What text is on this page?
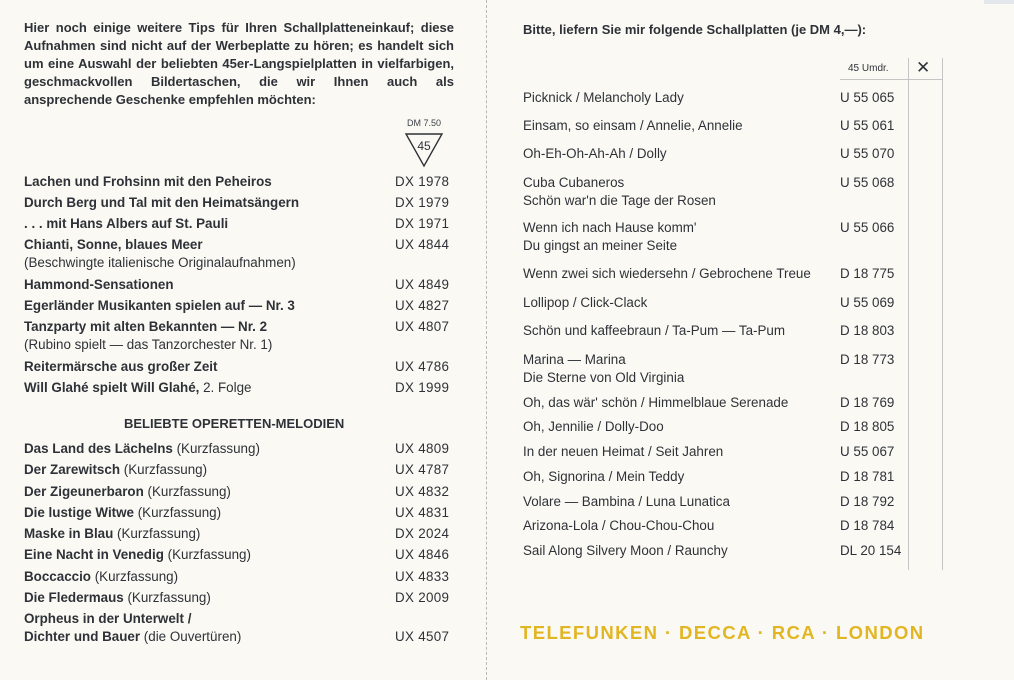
Hier noch einige weitere Tips für Ihren Schallplatteneinkauf; diese Aufnahmen sind nicht auf der Werbeplatte zu hören; es handelt sich um eine Auswahl der beliebten 45er-Langspielplatten in vielfarbigen, geschmackvollen Bildertaschen, die wir Ihnen auch als ansprechende Geschenke empfehlen möchten:

DM 7.50
45
Lachen und Frohsinn mit den Peheiros	DX 1978
Durch Berg und Tal mit den Heimatsängern	DX 1979
. . . mit Hans Albers auf St. Pauli	DX 1971
Chianti, Sonne, blaues Meer
(Beschwingte italienische Originalaufnahmen)
UX 4844
Hammond-Sensationen	UX 4849
Egerländer Musikanten spielen auf — Nr. 3	UX 4827
Tanzparty mit alten Bekannten — Nr. 2
(Rubino spielt — das Tanzorchester Nr. 1)
UX 4807
Reitermärsche aus großer Zeit	UX 4786
Will Glahé spielt Will Glahé, 2. Folge	DX 1999
BELIEBTE OPERETTEN-MELODIEN
Das Land des Lächelns (Kurzfassung)	UX 4809
Der Zarewitsch (Kurzfassung)	UX 4787
Der Zigeunerbaron (Kurzfassung)	UX 4832
Die lustige Witwe (Kurzfassung)	UX 4831
Maske in Blau (Kurzfassung)	DX 2024
Eine Nacht in Venedig (Kurzfassung)	UX 4846
Boccaccio (Kurzfassung)	UX 4833
Die Fledermaus (Kurzfassung)	DX 2009
Orpheus in der Unterwelt /
Dichter und Bauer (die Ouvertüren)	UX 4507
Bitte, liefern Sie mir folgende Schallplatten (je DM 4,—):
45 Umdr. ✕
Picknick / Melancholy Lady	U 55 065
Einsam, so einsam / Annelie, Annelie	U 55 061
Oh-Eh-Oh-Ah-Ah / Dolly	U 55 070
Cuba Cubaneros
Schön war'n die Tage der Rosen
U 55 068
Wenn ich nach Hause komm'
Du gingst an meiner Seite
U 55 066
Wenn zwei sich wiedersehn / Gebrochene Treue D 18 775
Lollipop / Click-Clack	U 55 069
Schön und kaffeebraun / Ta-Pum — Ta-Pum	D 18 803
Marina — Marina
Die Sterne von Old Virginia
D 18 773
Oh, das wär' schön / Himmelblaue Serenade	D 18 769
Oh, Jennilie / Dolly-Doo	D 18 805
In der neuen Heimat / Seit Jahren	U 55 067
Oh, Signorina / Mein Teddy	D 18 781
Volare — Bambina / Luna Lunatica	D 18 792
Arizona-Lola / Chou-Chou-Chou	D 18 784
Sail Along Silvery Moon / Raunchy	DL 20 154
TELEFUNKEN · DECCA · RCA · LONDON
